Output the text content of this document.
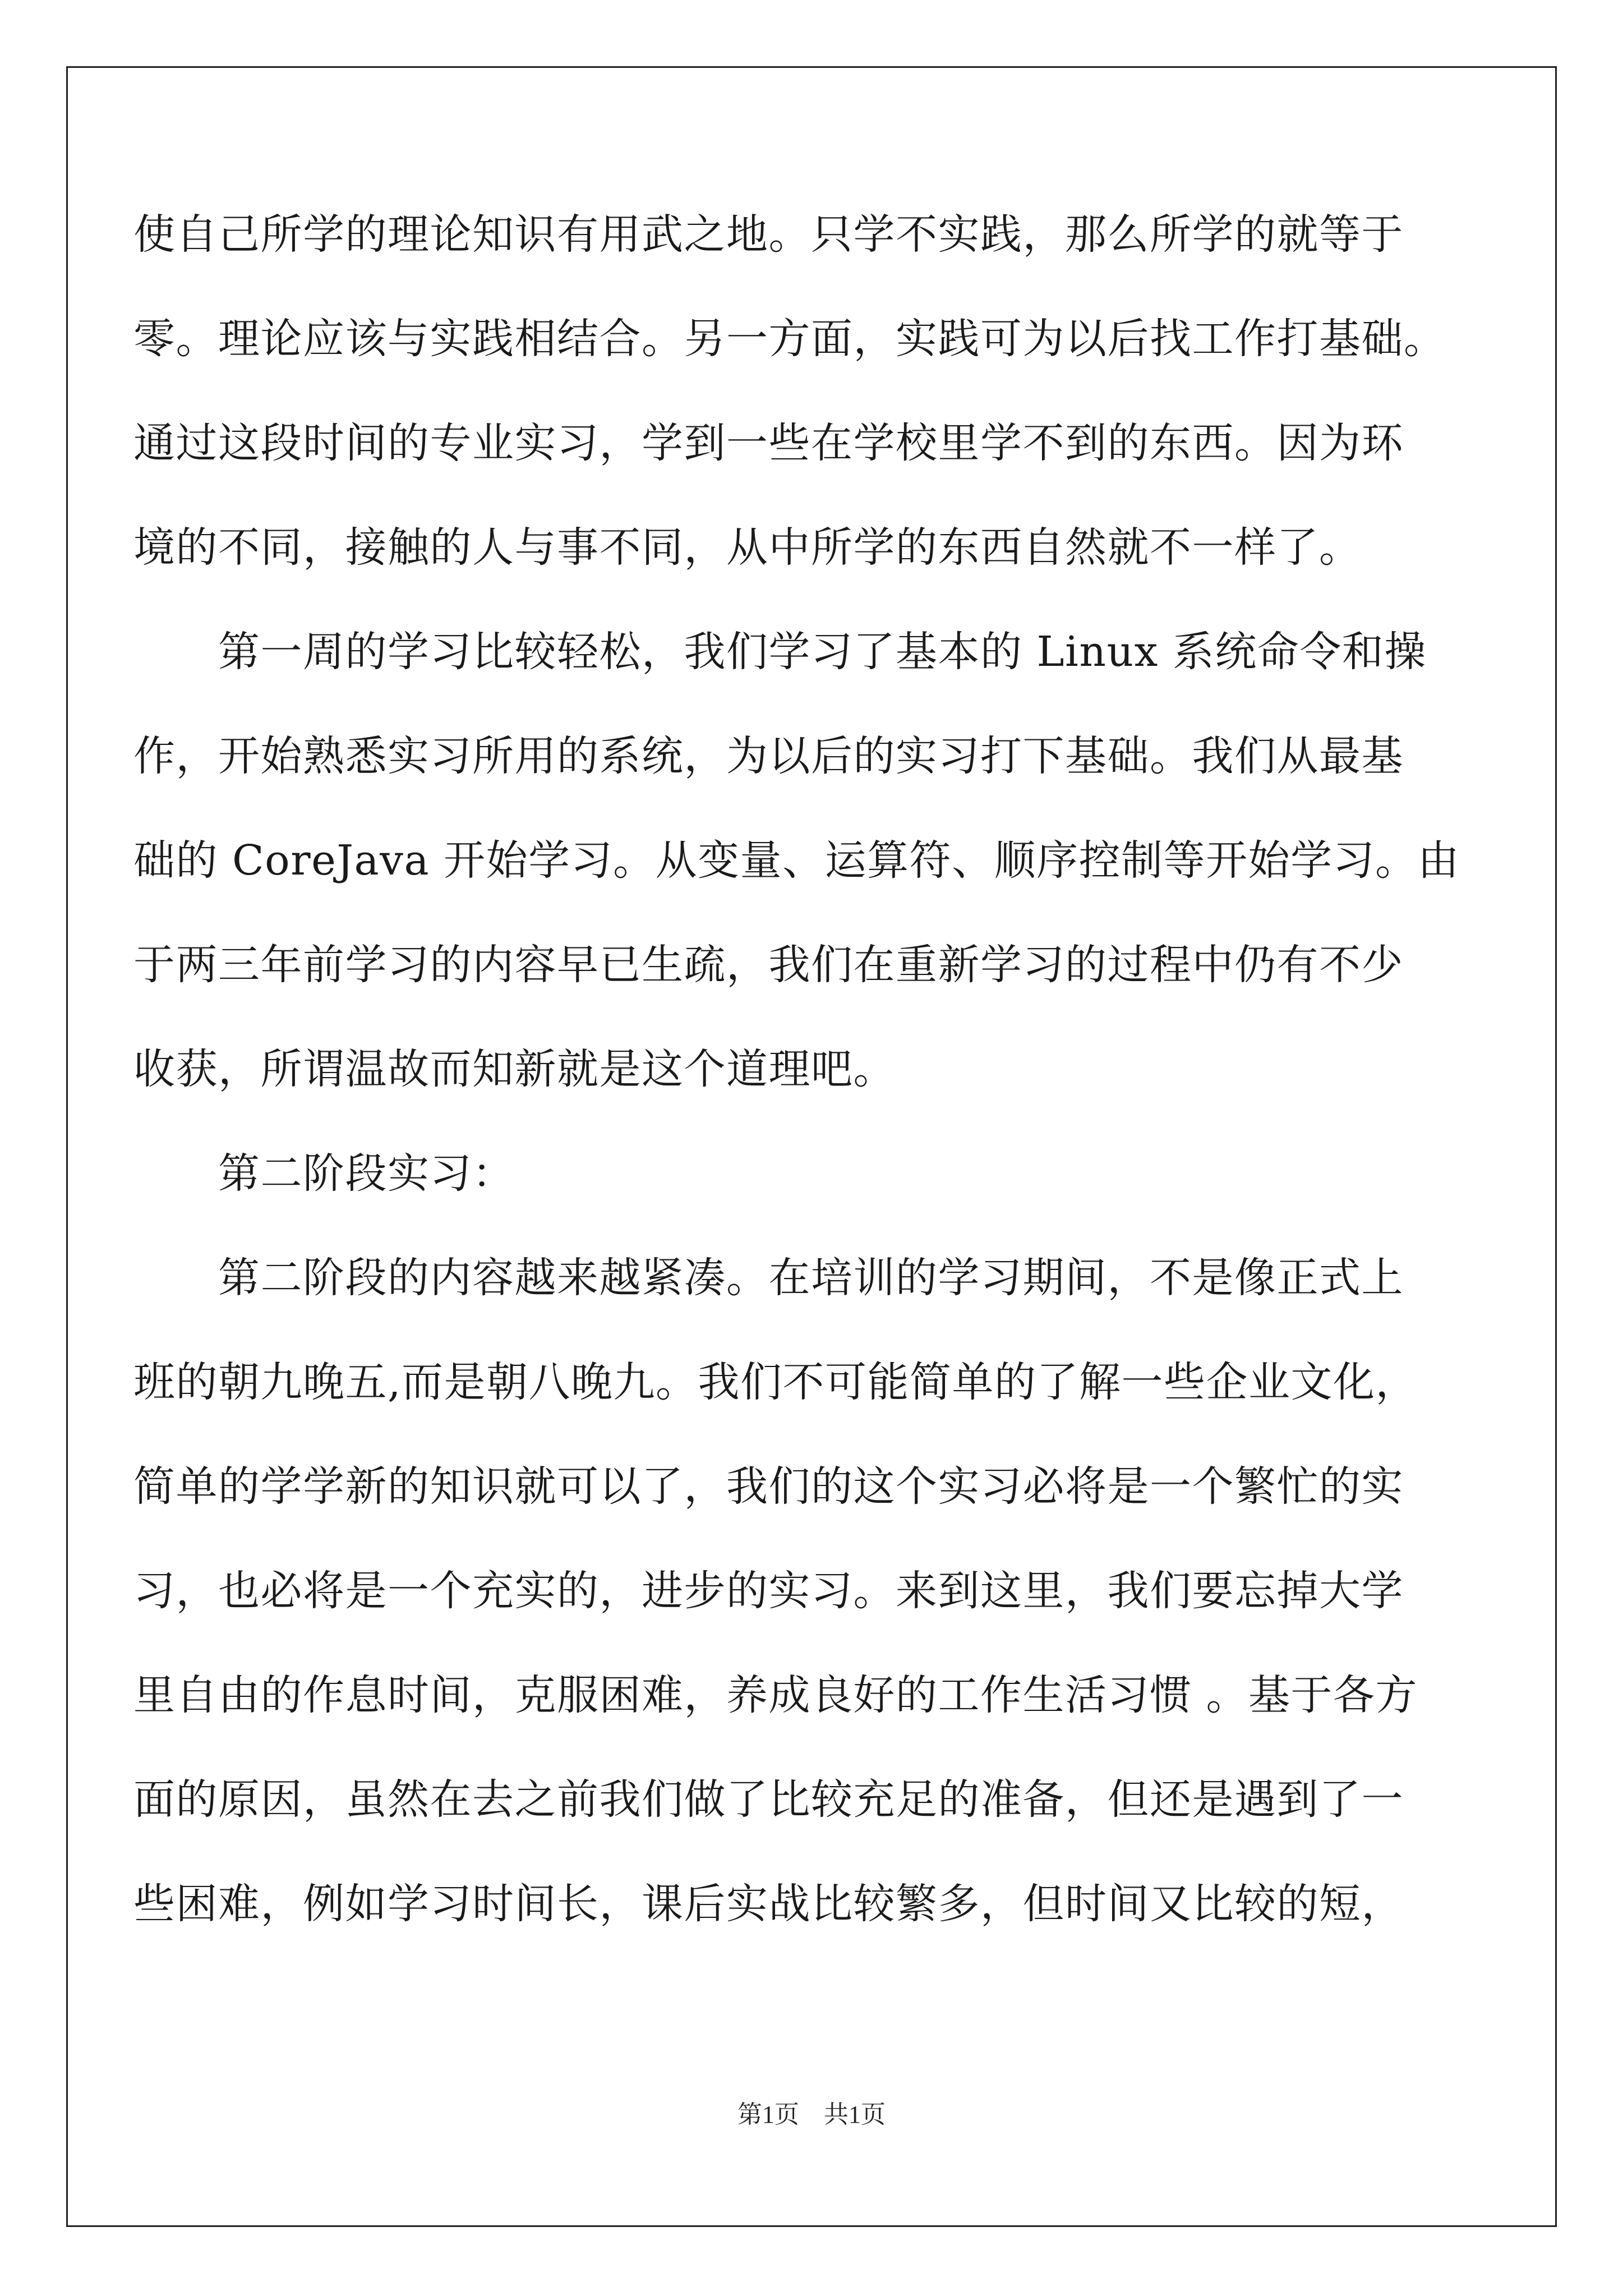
使自己所学的理论知识有用武之地。只学不实践，那么所学的就等于
零。理论应该与实践相结合。另一方面，实践可为以后找工作打基础。
通过这段时间的专业实习，学到一些在学校里学不到的东西。因为环
境的不同，接触的人与事不同，从中所学的东西自然就不一样了。
　　第一周的学习比较轻松，我们学习了基本的 Linux 系统命令和操
作，开始熟悉实习所用的系统，为以后的实习打下基础。我们从最基
础的 CoreJava 开始学习。从变量、运算符、顺序控制等开始学习。由
于两三年前学习的内容早已生疏，我们在重新学习的过程中仍有不少
收获，所谓温故而知新就是这个道理吧。
　　第二阶段实习：
　　第二阶段的内容越来越紧凑。在培训的学习期间，不是像正式上
班的朝九晚五,而是朝八晚九。我们不可能简单的了解一些企业文化，
简单的学学新的知识就可以了，我们的这个实习必将是一个繁忙的实
习，也必将是一个充实的，进步的实习。来到这里，我们要忘掉大学
里自由的作息时间，克服困难，养成良好的工作生活习惯 。基于各方
面的原因，虽然在去之前我们做了比较充足的准备，但还是遇到了一
些困难，例如学习时间长，课后实战比较繁多，但时间又比较的短，
第1页　共1页
